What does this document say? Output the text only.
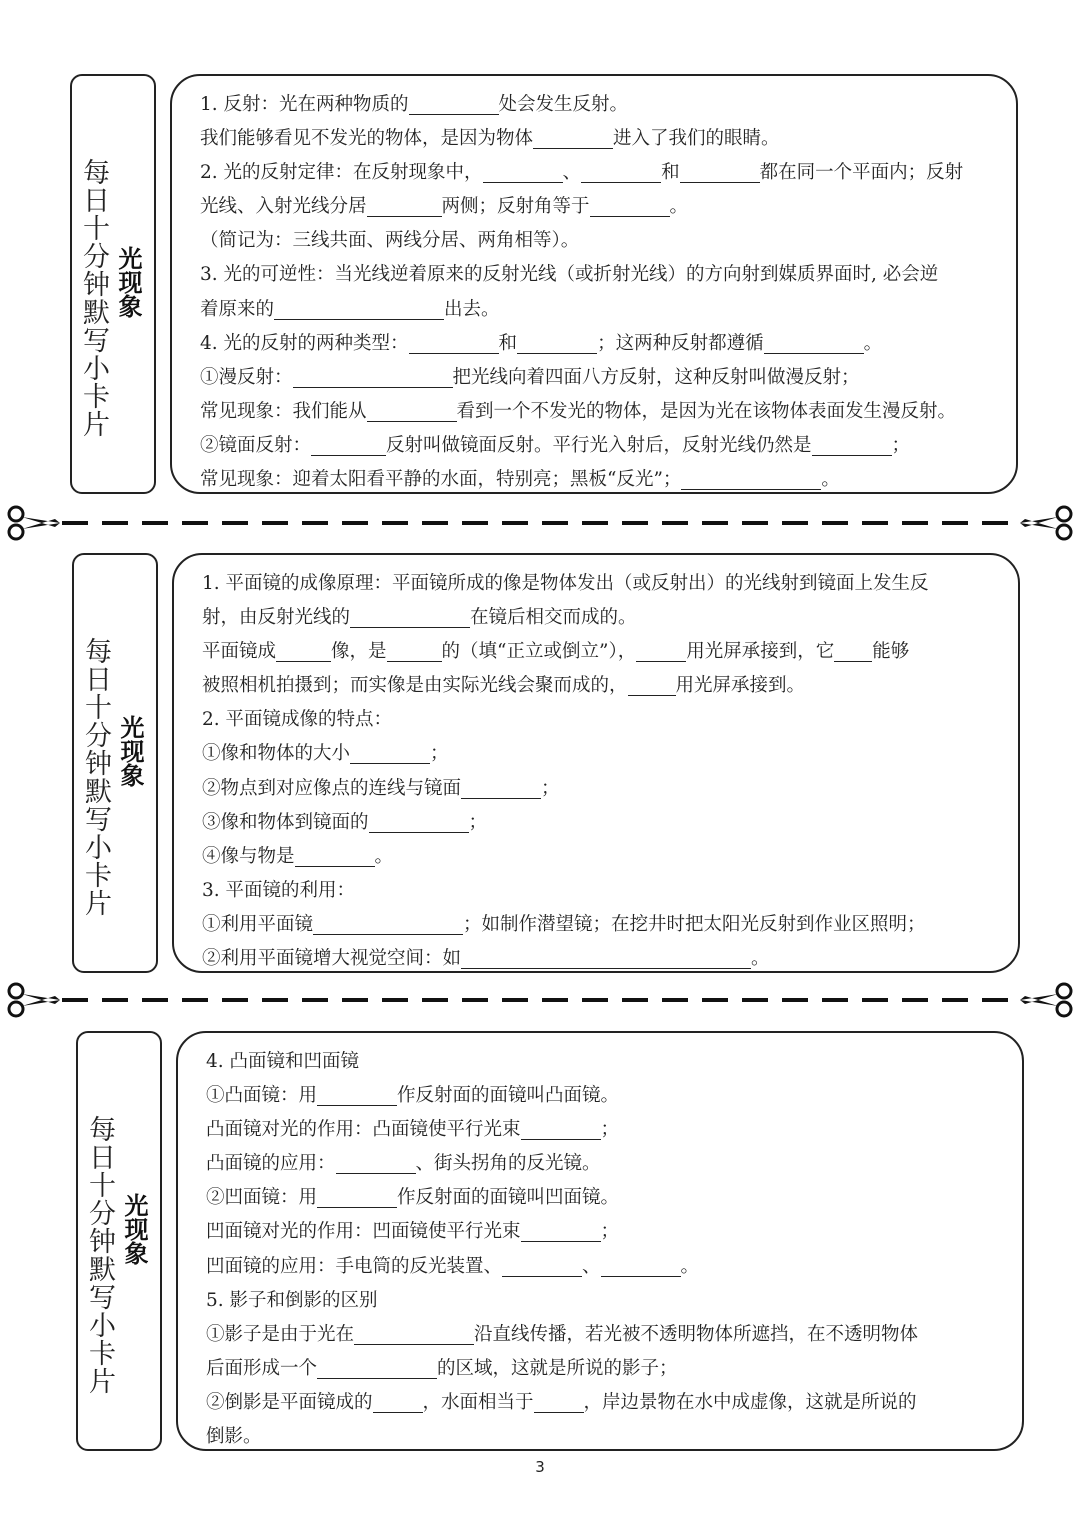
每日十分钟默写小卡片 光现象
1. 反射：光在两种物质的	处会发生反射。
我们能够看见不发光的物体，是因为物体	进入了我们的眼睛。
2. 光的反射定律：在反射现象中，	、	和	都在同一个平面内；反射
光线、入射光线分居	两侧；反射角等于	。
（简记为：三线共面、两线分居、两角相等）。
3. 光的可逆性：当光线逆着原来的反射光线（或折射光线）的方向射到媒质界面时, 必会逆
着原来的	出去。
4. 光的反射的两种类型：	和	；这两种反射都遵循	。
①漫反射：	把光线向着四面八方反射，这种反射叫做漫反射；
常见现象：我们能从	看到一个不发光的物体，是因为光在该物体表面发生漫反射。
②镜面反射：	反射叫做镜面反射。平行光入射后，反射光线仍然是	；
常见现象：迎着太阳看平静的水面，特别亮；黑板“反光”；	。
每日十分钟默写小卡片 光现象
1. 平面镜的成像原理：平面镜所成的像是物体发出（或反射出）的光线射到镜面上发生反
射，由反射光线的	在镜后相交而成的。
平面镜成	像，是	的（填“正立或倒立”），	用光屏承接到，它 能够
被照相机拍摄到；而实像是由实际光线会聚而成的，	用光屏承接到。
2. 平面镜成像的特点：
①像和物体的大小	；
②物点到对应像点的连线与镜面	；
③像和物体到镜面的	；
④像与物是	。
3. 平面镜的利用：
①利用平面镜	；如制作潜望镜；在挖井时把太阳光反射到作业区照明；
②利用平面镜增大视觉空间：如	。
每日十分钟默写小卡片 光现象
4. 凸面镜和凹面镜
①凸面镜：用	作反射面的面镜叫凸面镜。
凸面镜对光的作用：凸面镜使平行光束	；
凸面镜的应用：	、街头拐角的反光镜。
②凹面镜：用	作反射面的面镜叫凹面镜。
凹面镜对光的作用：凹面镜使平行光束	；
凹面镜的应用：手电筒的反光装置、	、	。
5. 影子和倒影的区别
①影子是由于光在	沿直线传播，若光被不透明物体所遮挡，在不透明物体
后面形成一个	的区域，这就是所说的影子；
②倒影是平面镜成的	，水面相当于	，岸边景物在水中成虚像，这就是所说的
倒影。
3
